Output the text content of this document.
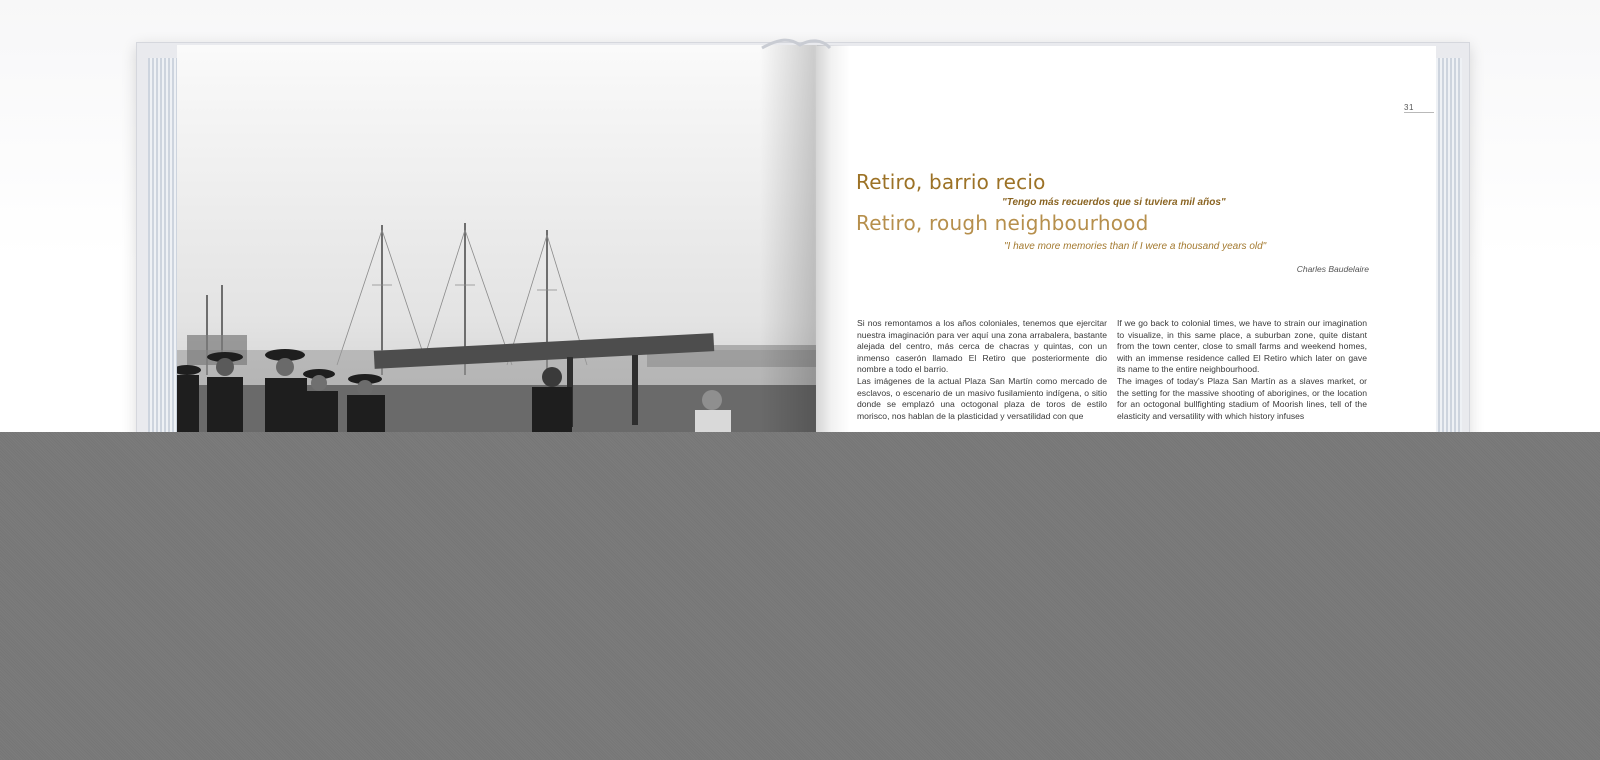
31
Retiro, barrio recio
"Tengo más recuerdos que si tuviera mil años"
Retiro, rough neighbourhood
"I have more memories than if I were a thousand years old"
Charles Baudelaire

Si nos remontamos a los años coloniales, tenemos que ejercitar nuestra imaginación para ver aquí una zona arrabalera, bastante alejada del centro, más cerca de chacras y quintas, con un inmenso caserón llamado El Retiro que posteriormente dio nombre a todo el barrio.

Las imágenes de la actual Plaza San Martín como mercado de esclavos, o escenario de un masivo fusilamiento indígena, o sitio donde se emplazó una octogonal plaza de toros de estilo morisco, nos hablan de la plasticidad y versatilidad con que

If we go back to colonial times, we have to strain our imagination to visualize, in this same place, a suburban zone, quite distant from the town center, close to small farms and weekend homes, with an immense residence called El Retiro which later on gave its name to the entire neighbourhood.

The images of today's Plaza San Martín as a slaves market, or the setting for the massive shooting of aborigines, or the location for an octogonal bullfighting stadium of Moorish lines, tell of the elasticity and versatility with which history infuses
